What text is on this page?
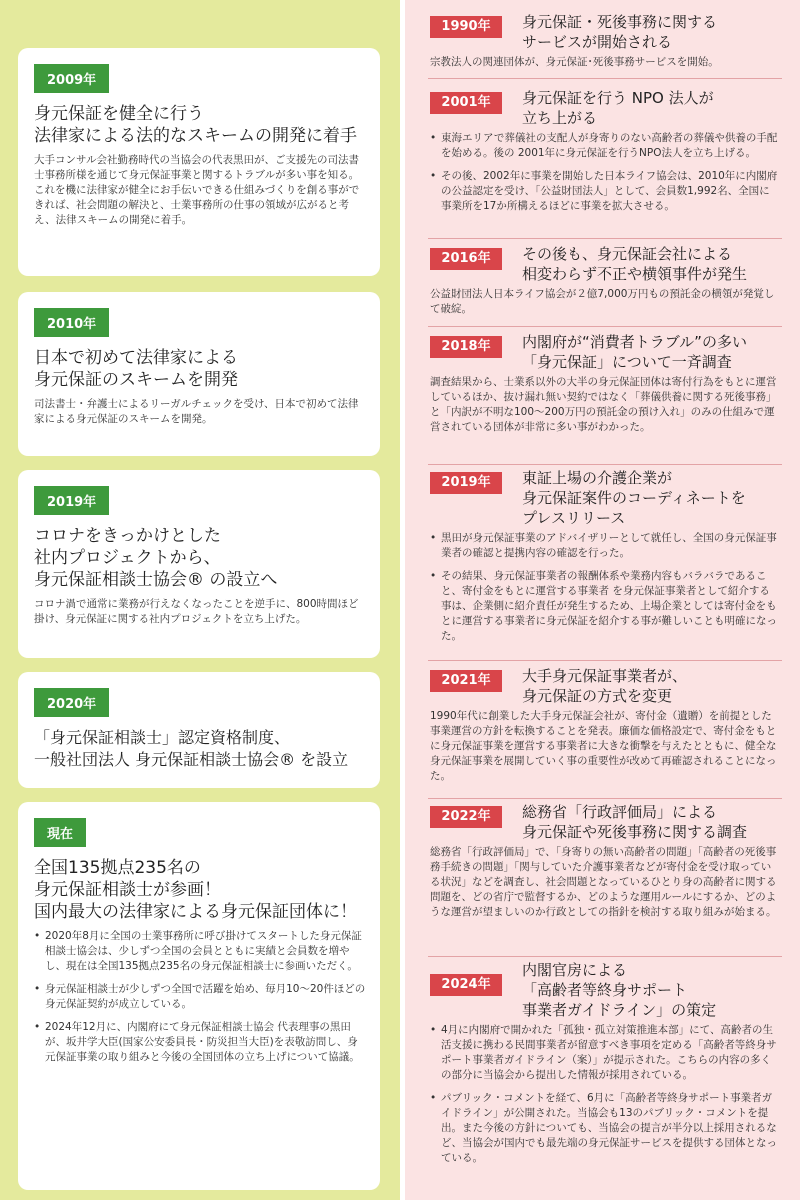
2009年
身元保証を健全に行う
法律家による法的なスキームの開発に着手
大手コンサル会社勤務時代の当協会の代表黒田が、ご支援先の司法書士事務所様を通じて身元保証事業と関するトラブルが多い事を知る。これを機に法律家が健全にお手伝いできる仕組みづくりを創る事ができれば、社会問題の解決と、士業事務所の仕事の領域が広がると考え、法律スキームの開発に着手。
2010年
日本で初めて法律家による
身元保証のスキームを開発
司法書士・弁護士によるリーガルチェックを受け、日本で初めて法律家による身元保証のスキームを開発。
2019年
コロナをきっかけとした
社内プロジェクトから、
身元保証相談士協会® の設立へ
コロナ渦で通常に業務が行えなくなったことを逆手に、800時間ほど掛け、身元保証に関する社内プロジェクトを立ち上げた。
2020年
「身元保証相談士」認定資格制度、
一般社団法人 身元保証相談士協会® を設立
現在
全国135拠点235名の
身元保証相談士が参画！
国内最大の法律家による身元保証団体に！
• 2020年8月に全国の士業事務所に呼び掛けてスタートした身元保証相談士協会は、少しずつ全国の会員とともに実績と会員数を増やし、現在は全国135拠点235名の身元保証相談士に参画いただく。
• 身元保証相談士が少しずつ全国で活躍を始め、毎月10〜20件ほどの身元保証契約が成立している。
• 2024年12月に、内閣府にて身元保証相談士協会 代表理事の黒田が、坂井学大臣(国家公安委員長・防災担当大臣)を表敬訪問し、身元保証事業の取り組みと今後の全国団体の立ち上げについて協議。
1990年	身元保証・死後事務に関する
サービスが開始される
宗教法人の関連団体が、身元保証･死後事務サービスを開始。
2001年	身元保証を行う NPO 法人が
立ち上がる
• 東海エリアで葬儀社の支配人が身寄りのない高齢者の葬儀や供養の手配を始める。後の 2001年に身元保証を行うNPO法人を立ち上げる。
• その後、2002年に事業を開始した日本ライフ協会は、2010年に内閣府の公益認定を受け、「公益財団法人」として、会員数1,992名、全国に事業所を17か所構えるほどに事業を拡大させる。
2016年	その後も、身元保証会社による
相変わらず不正や横領事件が発生
公益財団法人日本ライフ協会が２億7,000万円もの預託金の横領が発覚して破綻。
2018年	内閣府が“消費者トラブル”の多い
「身元保証」について一斉調査
調査結果から、士業系以外の大半の身元保証団体は寄付行為をもとに運営しているほか、抜け漏れ無い契約ではなく「葬儀供養に関する死後事務」と「内訳が不明な100〜200万円の預託金の預け入れ」のみの仕組みで運営されている団体が非常に多い事がわかった。
2019年	東証上場の介護企業が
身元保証案件のコーディネートを
プレスリリース
• 黒田が身元保証事業のアドバイザリーとして就任し、全国の身元保証事業者の確認と提携内容の確認を行った。
• その結果、身元保証事業者の報酬体系や業務内容もバラバラであること、寄付金をもとに運営する事業者 を身元保証事業者として紹介する事は、企業側に紹介責任が発生するため、上場企業としては寄付金をもとに運営する事業者に身元保証を紹介する事が難しいことも明確になった。
2021年	大手身元保証事業者が、
身元保証の方式を変更
1990年代に創業した大手身元保証会社が、寄付金（遺贈）を前提とした事業運営の方針を転換することを発表。廉価な価格設定で、寄付金をもとに身元保証事業を運営する事業者に大きな衝撃を与えたとともに、健全な身元保証事業を展開していく事の重要性が改めて再確認されることになった。
2022年	総務省「行政評価局」による
身元保証や死後事務に関する調査
総務省「行政評価局」で、「身寄りの無い高齢者の問題」「高齢者の死後事務手続きの問題」「関与していた介護事業者などが寄付金を受け取っている状況」などを調査し、社会問題となっているひとり身の高齢者に関する問題を、どの省庁で監督するか、どのような運用ルールにするか、どのような運営が望ましいのか行政としての指針を検討する取り組みが始まる。
2024年
内閣官房による
「高齢者等終身サポート
事業者ガイドライン」の策定
• 4月に内閣府で開かれた「孤独・孤立対策推進本部」にて、高齢者の生活支援に携わる民間事業者が留意すべき事項を定める「高齢者等終身サポート事業者ガイドライン（案）」が提示された。こちらの内容の多くの部分に当協会から提出した情報が採用されている。
• パブリック・コメントを経て、6月に「高齢者等終身サポート事業者ガイドライン」が公開された。当協会も13のパブリック・コメントを提出。また今後の方針についても、当協会の提言が半分以上採用されるなど、当協会が国内でも最先端の身元保証サービスを提供する団体となっている。
